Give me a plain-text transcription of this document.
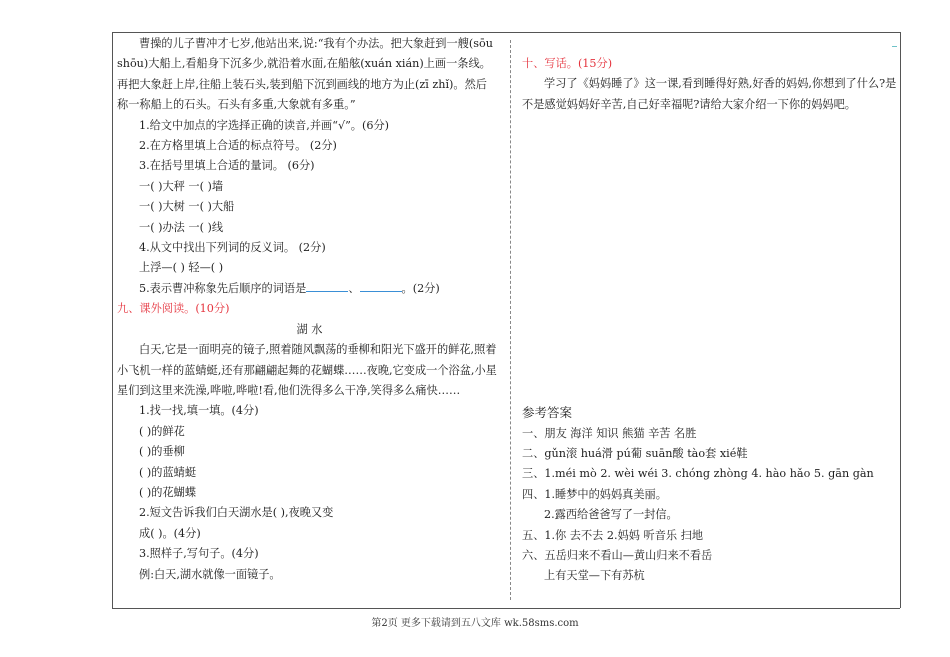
曹操的儿子曹冲才七岁,他站出来,说:“我有个办法。把大象赶到一艘(sōu
shōu)大船上,看船身下沉多少,就沿着水面,在船舷(xuán xián)上画一条线。
再把大象赶上岸,往船上装石头,装到船下沉到画线的地方为止(zī zhǐ)。然后
称一称船上的石头。石头有多重,大象就有多重。”
1.给文中加点的字选择正确的读音,并画“√”。(6分)
2.在方格里填上合适的标点符号。 (2分)
3.在括号里填上合适的量词。 (6分)
一( )大秤 一( )墙
一( )大树 一( )大船
一( )办法 一( )线
4.从文中找出下列词的反义词。 (2分)
上浮—( ) 轻—( )
5.表示曹冲称象先后顺序的词语是	、	。(2分)
九、课外阅读。(10分)
湖 水
白天,它是一面明亮的镜子,照着随风飘荡的垂柳和阳光下盛开的鲜花,照着
小飞机一样的蓝蜻蜓,还有那翩翩起舞的花蝴蝶……夜晚,它变成一个浴盆,小星
星们到这里来洗澡,哗啦,哗啦!看,他们洗得多么干净,笑得多么痛快……
1.找一找,填一填。(4分)
( )的鲜花
( )的垂柳
( )的蓝蜻蜓
( )的花蝴蝶
2.短文告诉我们白天湖水是( ),夜晚又变
成( )。(4分)
3.照样子,写句子。(4分)
例:白天,湖水就像一面镜子。
十、写话。(15分)
学习了《妈妈睡了》这一课,看到睡得好熟,好香的妈妈,你想到了什么?是
不是感觉妈妈好辛苦,自己好幸福呢?请给大家介绍一下你的妈妈吧。
参考答案
一、朋友 海洋 知识 熊猫 辛苦 名胜
二、gǔn滚 huá滑 pú葡 suān酸 tào套 xié鞋
三、1.méi mò 2. wèi wéi 3. chóng zhòng 4. hào hǎo 5. gān gàn
四、1.睡梦中的妈妈真美丽。
2.露西给爸爸写了一封信。
五、1.你 去不去 2.妈妈 听音乐 扫地
六、五岳归来不看山—黄山归来不看岳
上有天堂—下有苏杭
第2页 更多下载请到五八文库 wk.58sms.com
